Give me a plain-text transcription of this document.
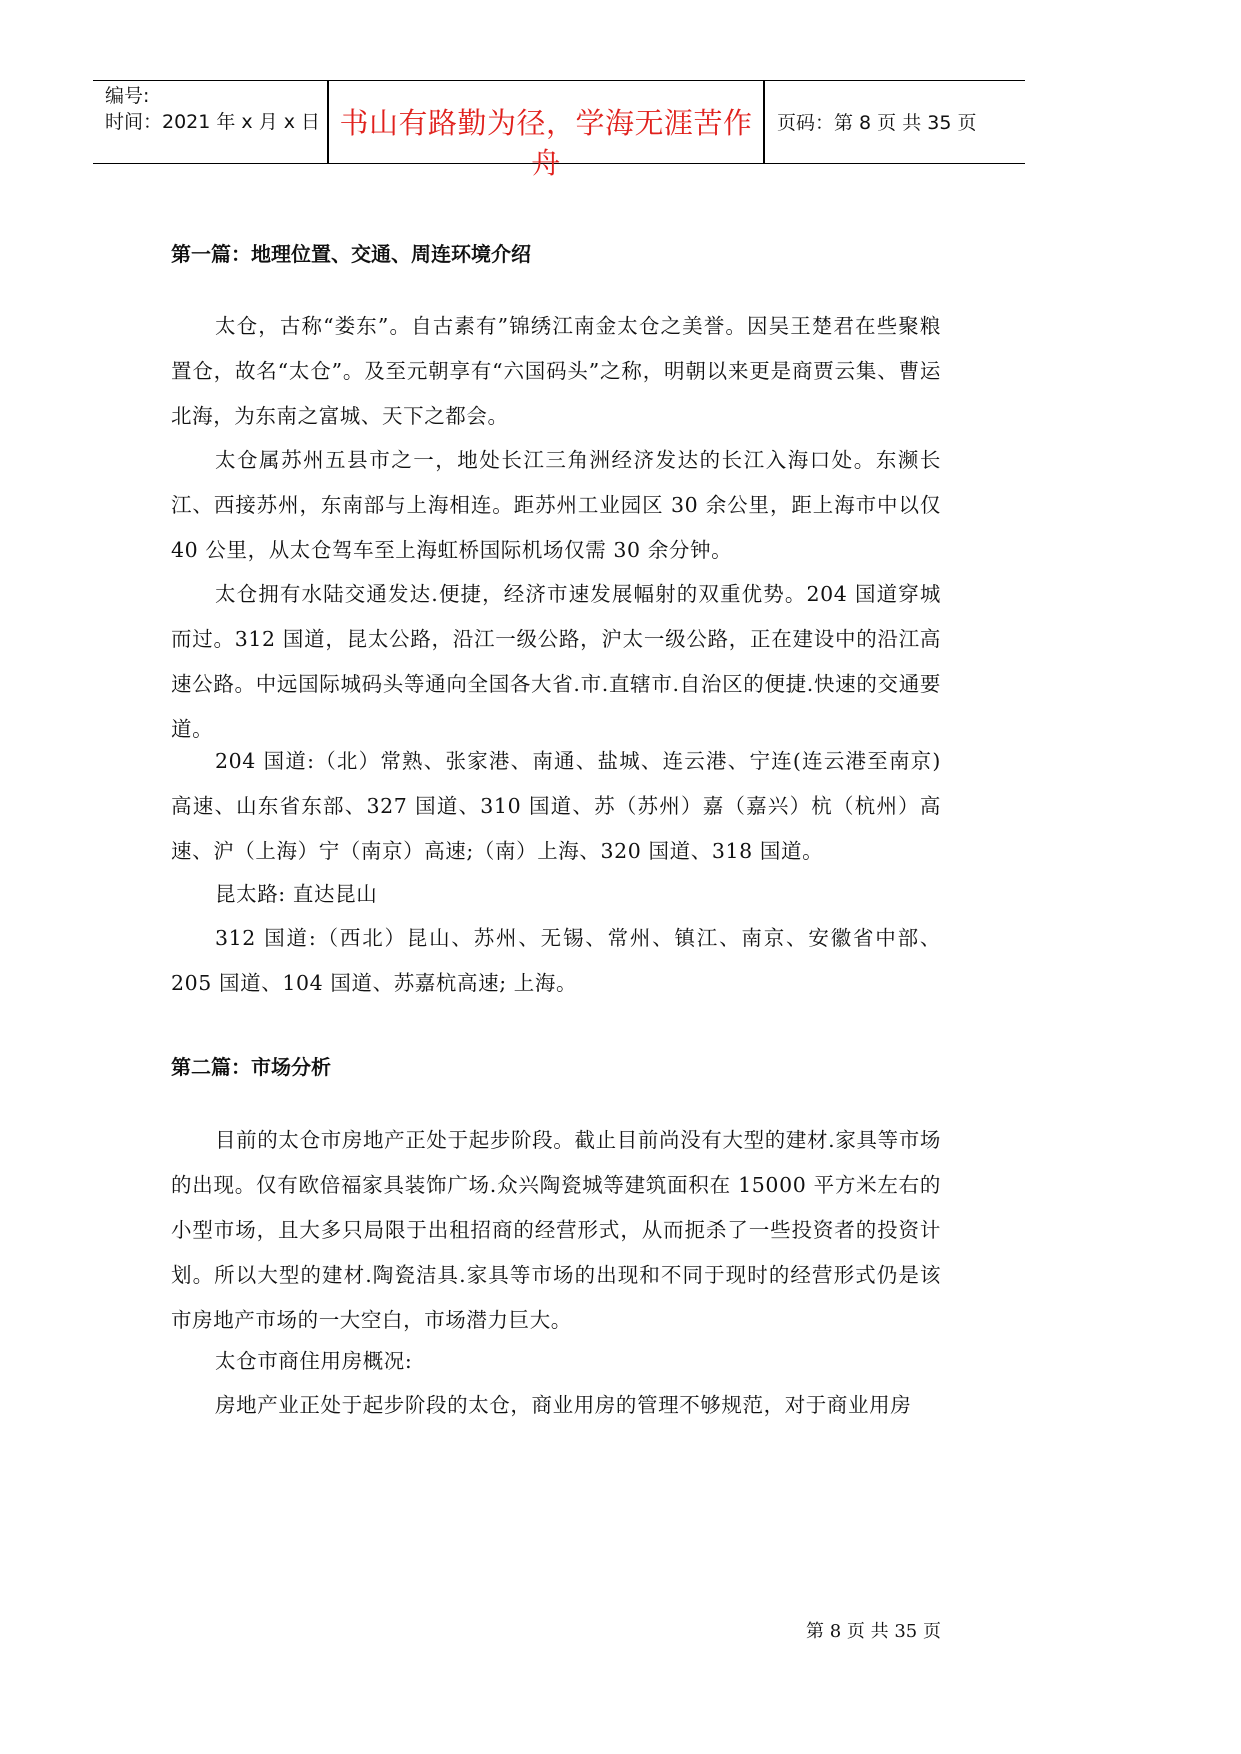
编号:
时间：2021 年 x 月 x 日 书山有路勤为径，学海无涯苦作舟
页码：第 8 页 共 35 页
第一篇：地理位置、交通、周连环境介绍
太仓，古称“娄东”。自古素有”锦绣江南金太仓之美誉。因吴王楚君在些聚粮置仓，故名“太仓”。及至元朝享有“六国码头”之称，明朝以来更是商贾云集、曹运北海，为东南之富城、天下之都会。
太仓属苏州五县市之一，地处长江三角洲经济发达的长江入海口处。东濒长江、西接苏州，东南部与上海相连。距苏州工业园区 30 余公里，距上海市中以仅 40 公里，从太仓驾车至上海虹桥国际机场仅需 30 余分钟。
太仓拥有水陆交通发达.便捷，经济市速发展幅射的双重优势。204 国道穿城而过。312 国道，昆太公路，沿江一级公路，沪太一级公路，正在建设中的沿江高速公路。中远国际城码头等通向全国各大省.市.直辖市.自治区的便捷.快速的交通要道。
204 国道:（北）常熟、张家港、南通、盐城、连云港、宁连(连云港至南京)高速、山东省东部、327 国道、310 国道、苏（苏州）嘉（嘉兴）杭（杭州）高速、沪（上海）宁（南京）高速;（南）上海、320 国道、318 国道。
昆太路: 直达昆山
312 国道:（西北）昆山、苏州、无锡、常州、镇江、南京、安徽省中部、205 国道、104 国道、苏嘉杭高速; 上海。
第二篇：市场分析
目前的太仓市房地产正处于起步阶段。截止目前尚没有大型的建材.家具等市场的出现。仅有欧倍福家具装饰广场.众兴陶瓷城等建筑面积在 15000 平方米左右的小型市场，且大多只局限于出租招商的经营形式，从而扼杀了一些投资者的投资计划。所以大型的建材.陶瓷洁具.家具等市场的出现和不同于现时的经营形式仍是该市房地产市场的一大空白，市场潜力巨大。
太仓市商住用房概况:
房地产业正处于起步阶段的太仓，商业用房的管理不够规范，对于商业用房
第 8 页 共 35 页
